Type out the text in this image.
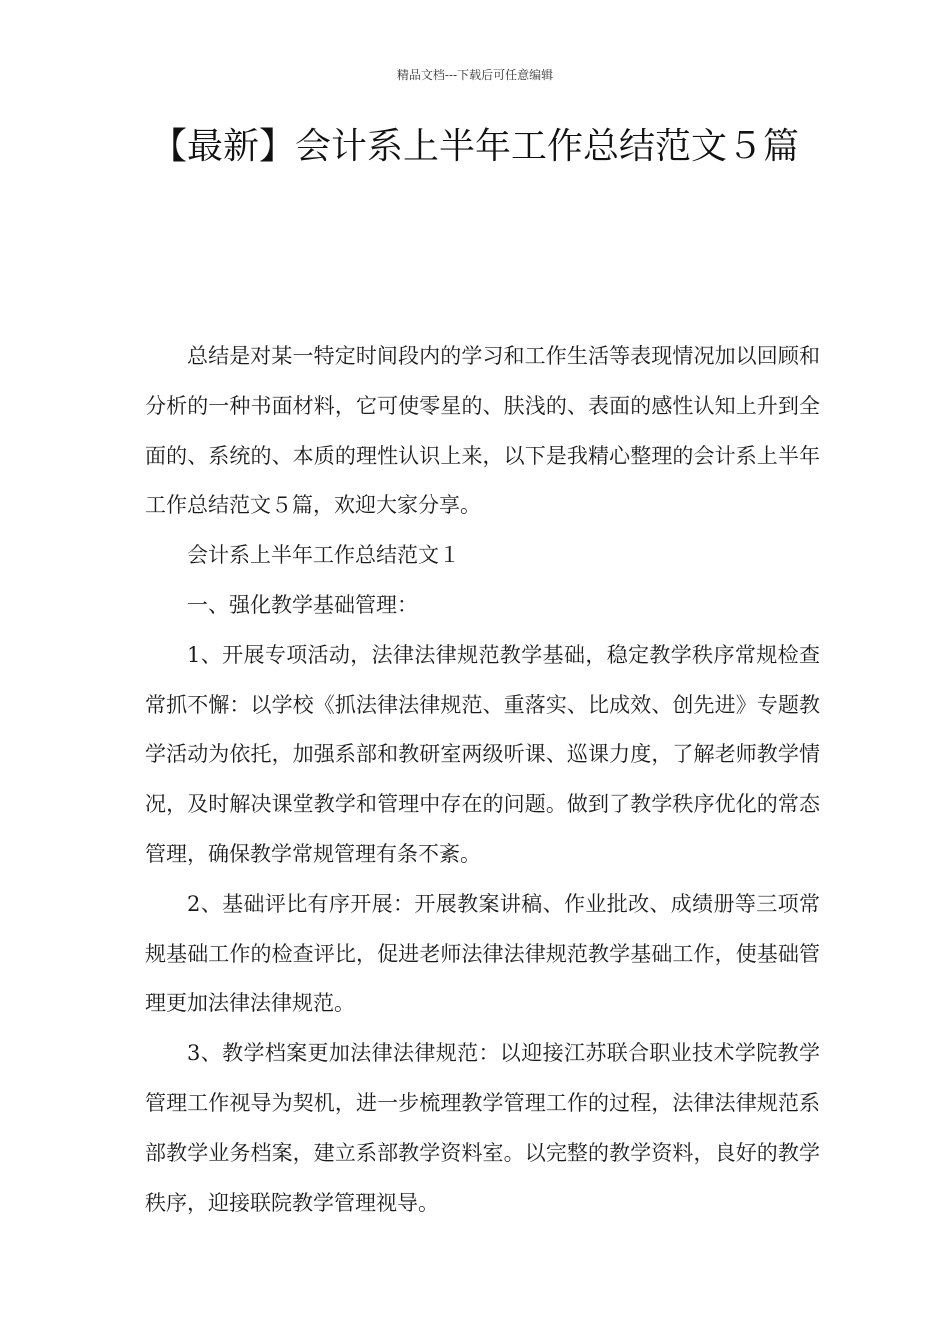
精品文档---下载后可任意编辑
【最新】会计系上半年工作总结范文５篇

总结是对某一特定时间段内的学习和工作生活等表现情况加以回顾和分析的一种书面材料，它可使零星的、肤浅的、表面的感性认知上升到全面的、系统的、本质的理性认识上来，以下是我精心整理的会计系上半年工作总结范文５篇，欢迎大家分享。

会计系上半年工作总结范文１

一、强化教学基础管理：

1、开展专项活动，法律法律规范教学基础，稳定教学秩序常规检查常抓不懈：以学校《抓法律法律规范、重落实、比成效、创先进》专题教学活动为依托，加强系部和教研室两级听课、巡课力度，了解老师教学情况，及时解决课堂教学和管理中存在的问题。做到了教学秩序优化的常态管理，确保教学常规管理有条不紊。

2、基础评比有序开展：开展教案讲稿、作业批改、成绩册等三项常规基础工作的检查评比，促进老师法律法律规范教学基础工作，使基础管理更加法律法律规范。

3、教学档案更加法律法律规范：以迎接江苏联合职业技术学院教学管理工作视导为契机，进一步梳理教学管理工作的过程，法律法律规范系部教学业务档案，建立系部教学资料室。以完整的教学资料，良好的教学秩序，迎接联院教学管理视导。
